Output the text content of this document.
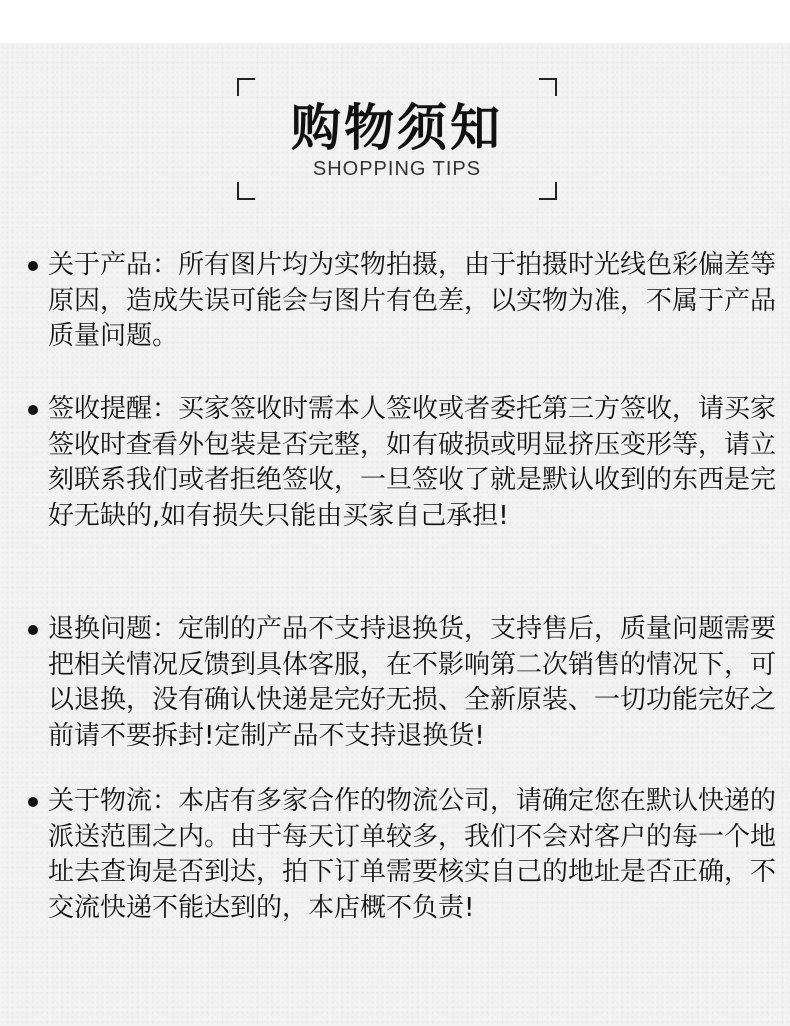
购物须知
SHOPPING TIPS
关于产品：所有图片均为实物拍摄，由于拍摄时光线色彩偏差等原因，造成失误可能会与图片有色差，以实物为准，不属于产品质量问题。
签收提醒：买家签收时需本人签收或者委托第三方签收，请买家签收时查看外包装是否完整，如有破损或明显挤压变形等，请立刻联系我们或者拒绝签收，一旦签收了就是默认收到的东西是完好无缺的,如有损失只能由买家自己承担!
退换问题：定制的产品不支持退换货，支持售后，质量问题需要把相关情况反馈到具体客服，在不影响第二次销售的情况下，可以退换，没有确认快递是完好无损、全新原装、一切功能完好之前请不要拆封!定制产品不支持退换货!
关于物流：本店有多家合作的物流公司，请确定您在默认快递的派送范围之内。由于每天订单较多，我们不会对客户的每一个地址去查询是否到达，拍下订单需要核实自己的地址是否正确，不交流快递不能达到的，本店概不负责!
